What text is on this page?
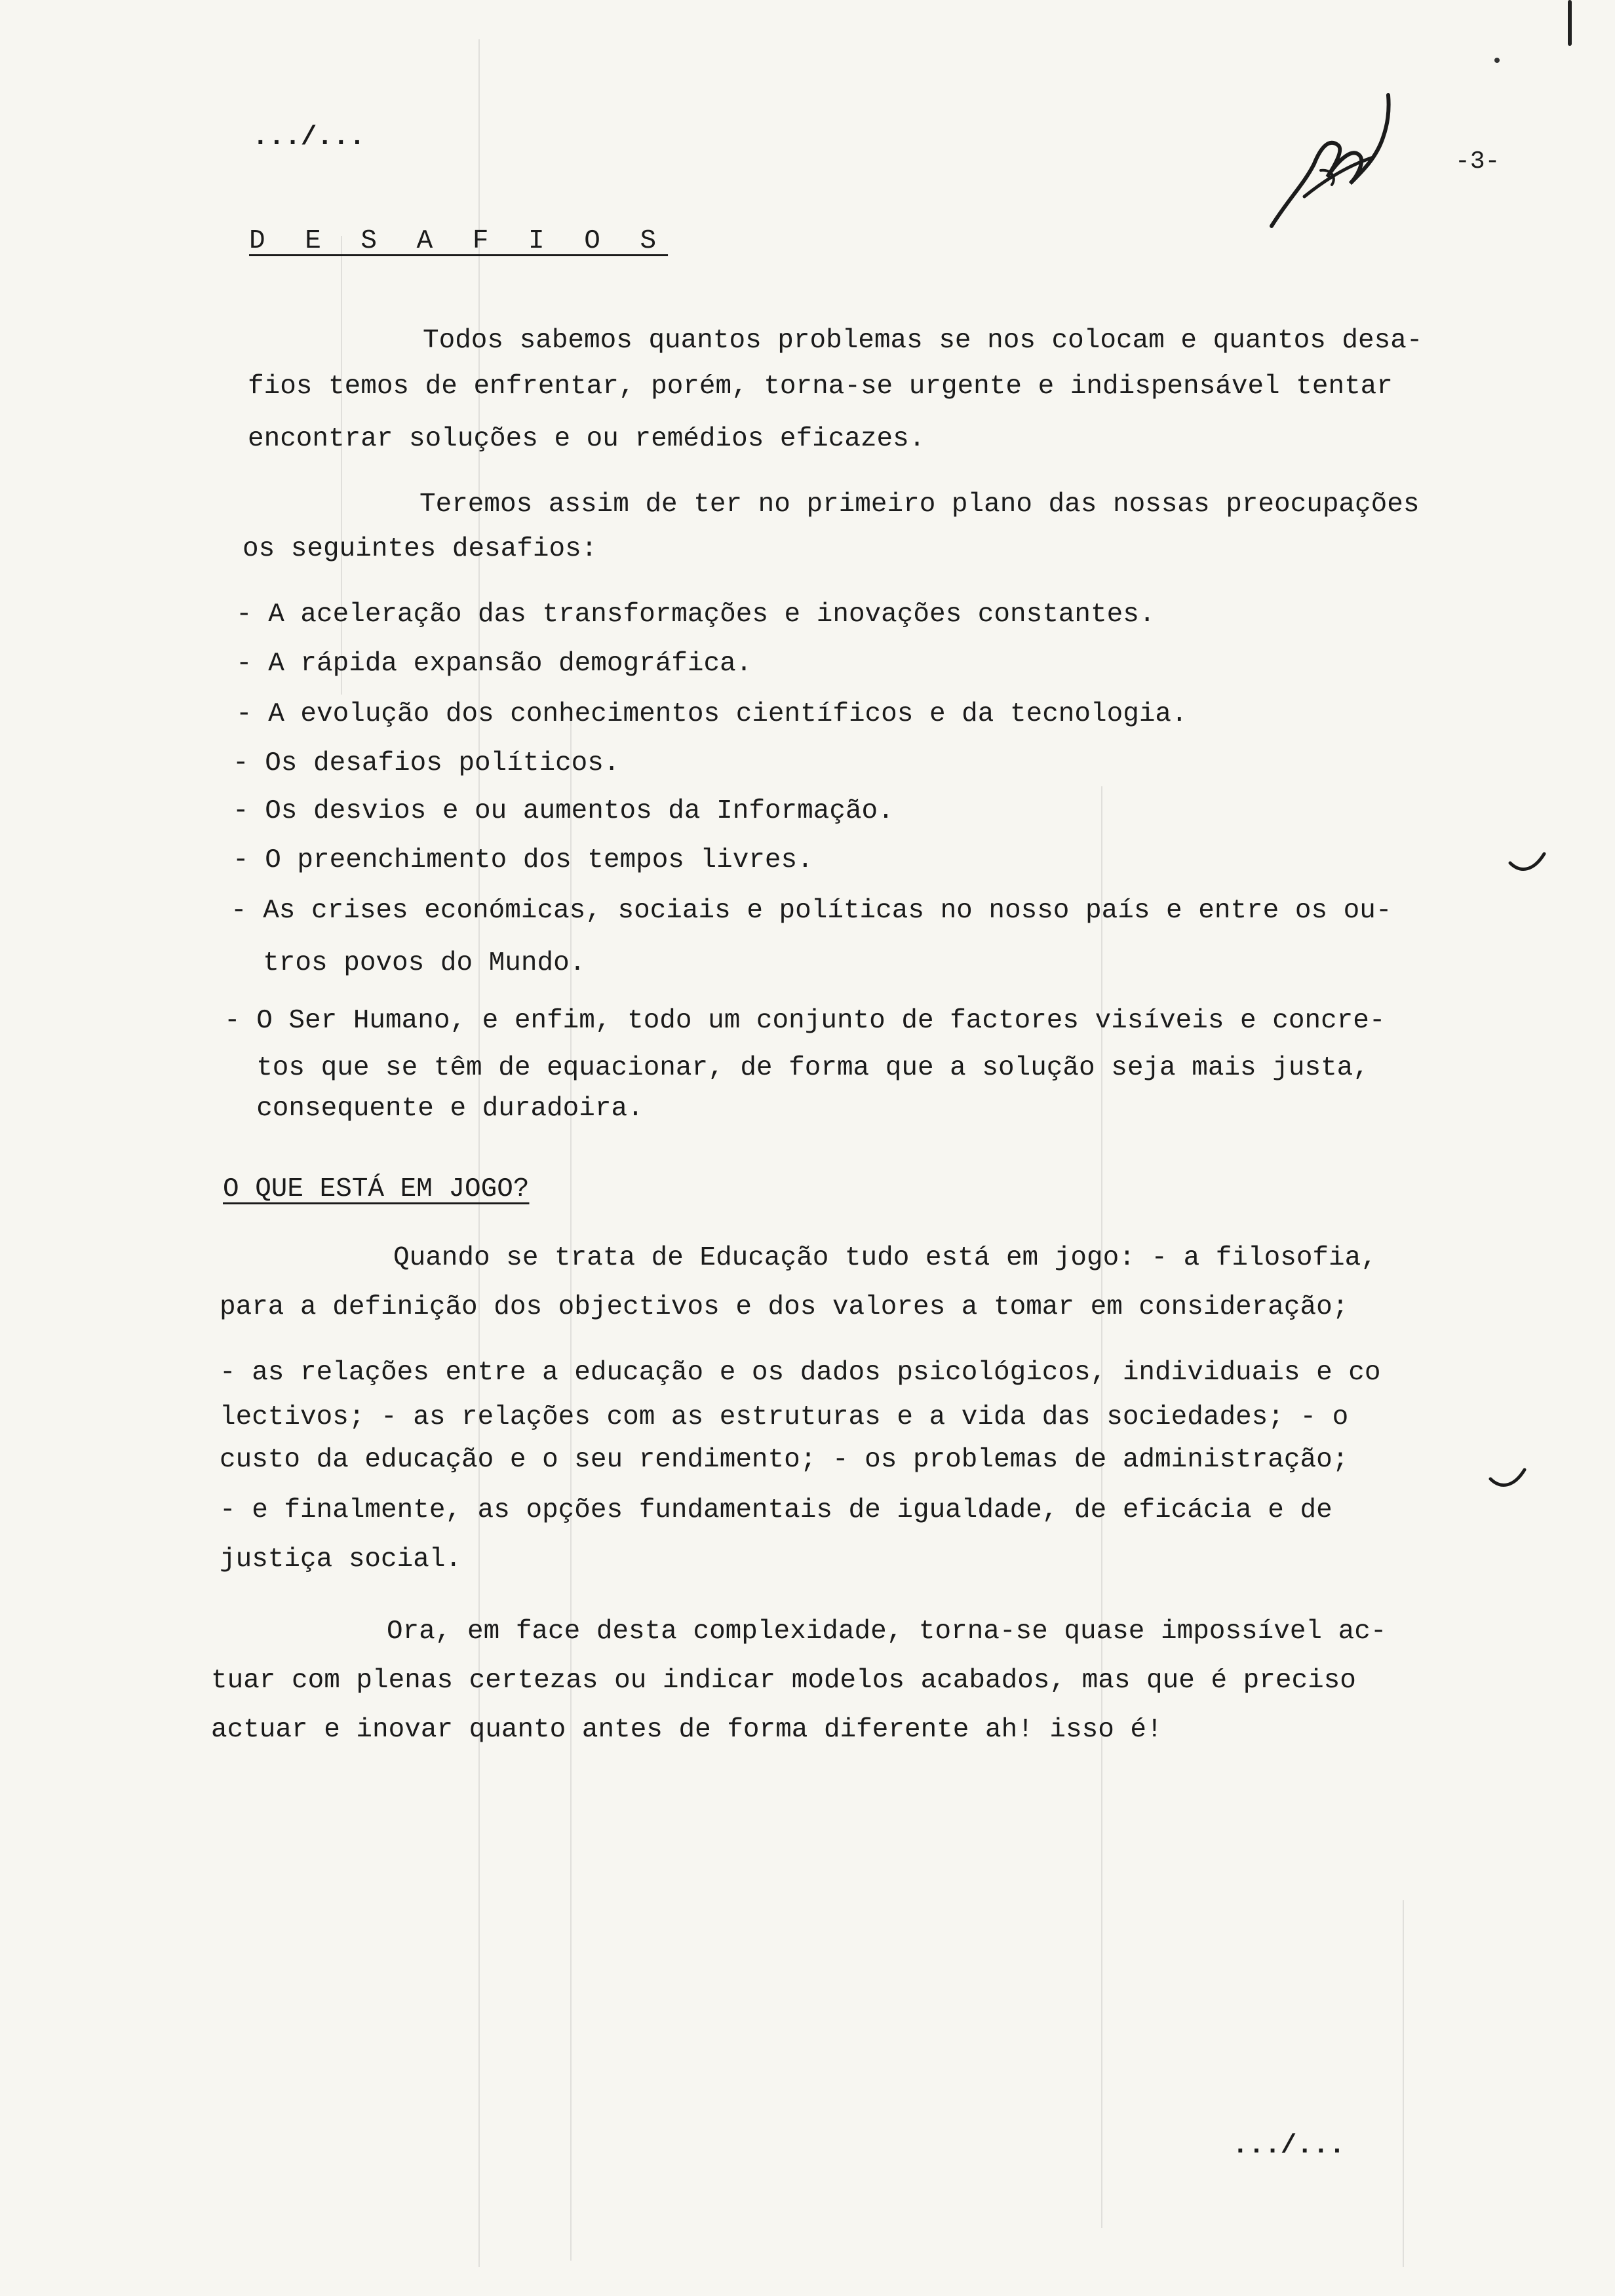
.../...
-3-
D E S A F I O S
Todos sabemos quantos problemas se nos colocam e quantos desa-
fios temos de enfrentar, porém, torna-se urgente e indispensável tentar
encontrar soluções e ou remédios eficazes.
Teremos assim de ter no primeiro plano das nossas preocupações
os seguintes desafios:
- A aceleração das transformações e inovações constantes.
- A rápida expansão demográfica.
- A evolução dos conhecimentos científicos e da tecnologia.
- Os desafios políticos.
- Os desvios e ou aumentos da Informação.
- O preenchimento dos tempos livres.
- As crises económicas, sociais e políticas no nosso país e entre os ou-
tros povos do Mundo.
- O Ser Humano, e enfim, todo um conjunto de factores visíveis e concre-
tos que se têm de equacionar, de forma que a solução seja mais justa,
consequente e duradoira.
O QUE ESTÁ EM JOGO?
Quando se trata de Educação tudo está em jogo: - a filosofia,
para a definição dos objectivos e dos valores a tomar em consideração;
- as relações entre a educação e os dados psicológicos, individuais e co
lectivos; - as relações com as estruturas e a vida das sociedades; - o
custo da educação e o seu rendimento; - os problemas de administração;
- e finalmente, as opções fundamentais de igualdade, de eficácia e de
justiça social.
Ora, em face desta complexidade, torna-se quase impossível ac-
tuar com plenas certezas ou indicar modelos acabados, mas que é preciso
actuar e inovar quanto antes de forma diferente ah! isso é!
.../...
